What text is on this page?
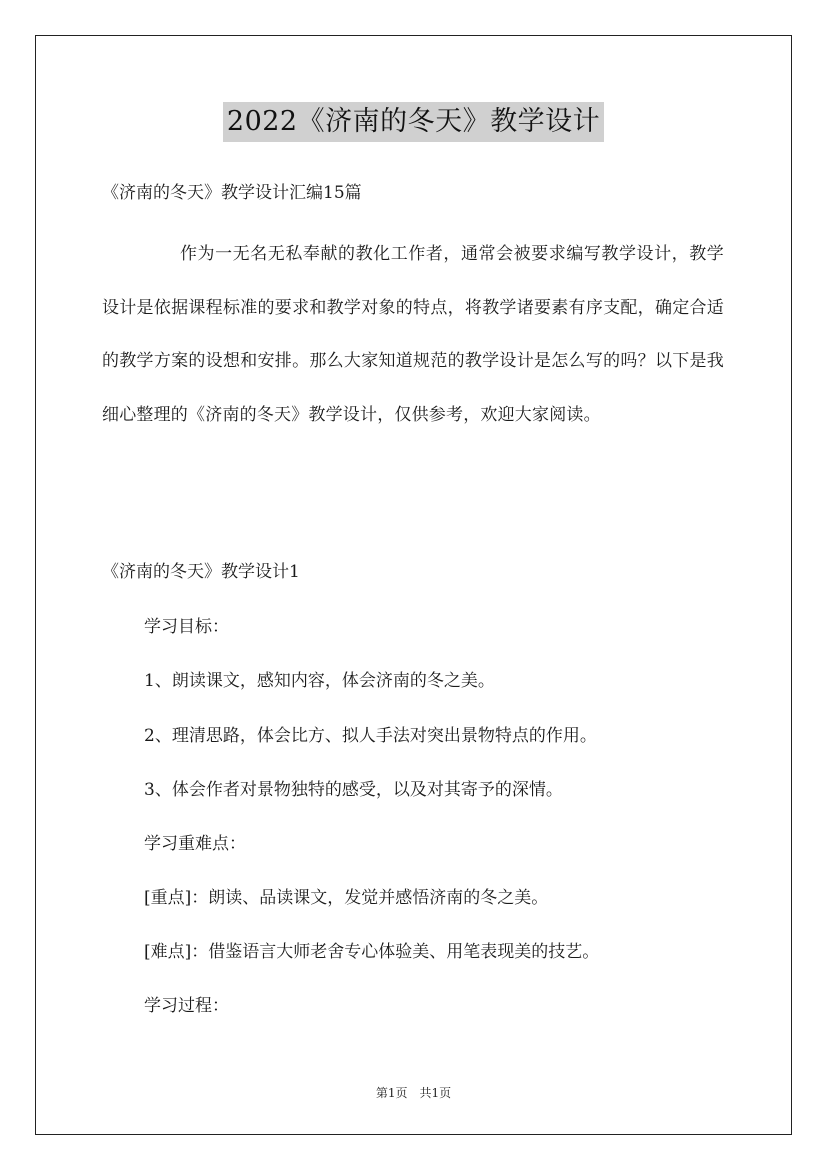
2022《济南的冬天》教学设计
《济南的冬天》教学设计汇编15篇
作为一无名无私奉献的教化工作者，通常会被要求编写教学设计，教学设计是依据课程标准的要求和教学对象的特点，将教学诸要素有序支配，确定合适的教学方案的设想和安排。那么大家知道规范的教学设计是怎么写的吗？以下是我细心整理的《济南的冬天》教学设计，仅供参考，欢迎大家阅读。
《济南的冬天》教学设计1
学习目标：
1、朗读课文，感知内容，体会济南的冬之美。
2、理清思路，体会比方、拟人手法对突出景物特点的作用。
3、体会作者对景物独特的感受，以及对其寄予的深情。
学习重难点：
[重点]：朗读、品读课文，发觉并感悟济南的冬之美。
[难点]：借鉴语言大师老舍专心体验美、用笔表现美的技艺。
学习过程：
第1页　共1页
